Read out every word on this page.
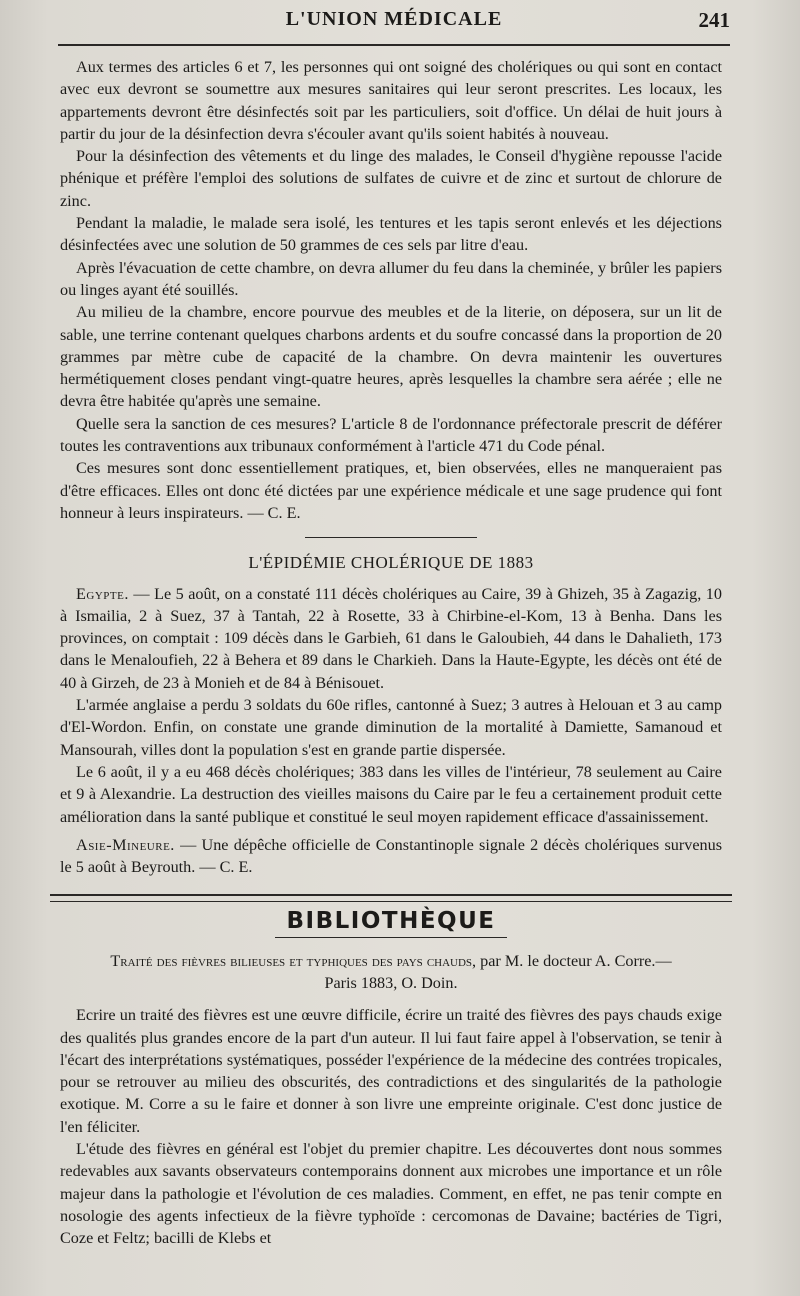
L'UNION MÉDICALE	241

Aux termes des articles 6 et 7, les personnes qui ont soigné des cholériques ou qui sont en contact avec eux devront se soumettre aux mesures sanitaires qui leur seront prescrites. Les locaux, les appartements devront être désinfectés soit par les particuliers, soit d'office. Un délai de huit jours à partir du jour de la désinfection devra s'écouler avant qu'ils soient habités à nouveau.

Pour la désinfection des vêtements et du linge des malades, le Conseil d'hygiène repousse l'acide phénique et préfère l'emploi des solutions de sulfates de cuivre et de zinc et surtout de chlorure de zinc.

Pendant la maladie, le malade sera isolé, les tentures et les tapis seront enlevés et les déjections désinfectées avec une solution de 50 grammes de ces sels par litre d'eau.

Après l'évacuation de cette chambre, on devra allumer du feu dans la cheminée, y brûler les papiers ou linges ayant été souillés.

Au milieu de la chambre, encore pourvue des meubles et de la literie, on déposera, sur un lit de sable, une terrine contenant quelques charbons ardents et du soufre concassé dans la proportion de 20 grammes par mètre cube de capacité de la chambre. On devra maintenir les ouvertures hermétiquement closes pendant vingt-quatre heures, après lesquelles la chambre sera aérée ; elle ne devra être habitée qu'après une semaine.

Quelle sera la sanction de ces mesures? L'article 8 de l'ordonnance préfectorale prescrit de déférer toutes les contraventions aux tribunaux conformément à l'article 471 du Code pénal.

Ces mesures sont donc essentiellement pratiques, et, bien observées, elles ne manqueraient pas d'être efficaces. Elles ont donc été dictées par une expérience médicale et une sage prudence qui font honneur à leurs inspirateurs. — C. E.

L'ÉPIDÉMIE CHOLÉRIQUE DE 1883

Egypte. — Le 5 août, on a constaté 111 décès cholériques au Caire, 39 à Ghizeh, 35 à Zagazig, 10 à Ismailia, 2 à Suez, 37 à Tantah, 22 à Rosette, 33 à Chirbine-el-Kom, 13 à Benha. Dans les provinces, on comptait : 109 décès dans le Garbieh, 61 dans le Galoubieh, 44 dans le Dahalieth, 173 dans le Menaloufieh, 22 à Behera et 89 dans le Charkieh. Dans la Haute-Egypte, les décès ont été de 40 à Girzeh, de 23 à Monieh et de 84 à Bénisouet.

L'armée anglaise a perdu 3 soldats du 60e rifles, cantonné à Suez; 3 autres à Helouan et 3 au camp d'El-Wordon. Enfin, on constate une grande diminution de la mortalité à Damiette, Samanoud et Mansourah, villes dont la population s'est en grande partie dispersée.

Le 6 août, il y a eu 468 décès cholériques; 383 dans les villes de l'intérieur, 78 seulement au Caire et 9 à Alexandrie. La destruction des vieilles maisons du Caire par le feu a certainement produit cette amélioration dans la santé publique et constitué le seul moyen rapidement efficace d'assainissement.

Asie-Mineure. — Une dépêche officielle de Constantinople signale 2 décès cholériques survenus le 5 août à Beyrouth. — C. E.

BIBLIOTHÈQUE

Traité des fièvres bilieuses et typhiques des pays chauds, par M. le docteur A. Corre.—
Paris 1883, O. Doin.

Ecrire un traité des fièvres est une œuvre difficile, écrire un traité des fièvres des pays chauds exige des qualités plus grandes encore de la part d'un auteur. Il lui faut faire appel à l'observation, se tenir à l'écart des interprétations systématiques, posséder l'expérience de la médecine des contrées tropicales, pour se retrouver au milieu des obscurités, des contradictions et des singularités de la pathologie exotique. M. Corre a su le faire et donner à son livre une empreinte originale. C'est donc justice de l'en féliciter.

L'étude des fièvres en général est l'objet du premier chapitre. Les découvertes dont nous sommes redevables aux savants observateurs contemporains donnent aux microbes une importance et un rôle majeur dans la pathologie et l'évolution de ces maladies. Comment, en effet, ne pas tenir compte en nosologie des agents infectieux de la fièvre typhoïde : cercomonas de Davaine; bactéries de Tigri, Coze et Feltz; bacilli de Klebs et
